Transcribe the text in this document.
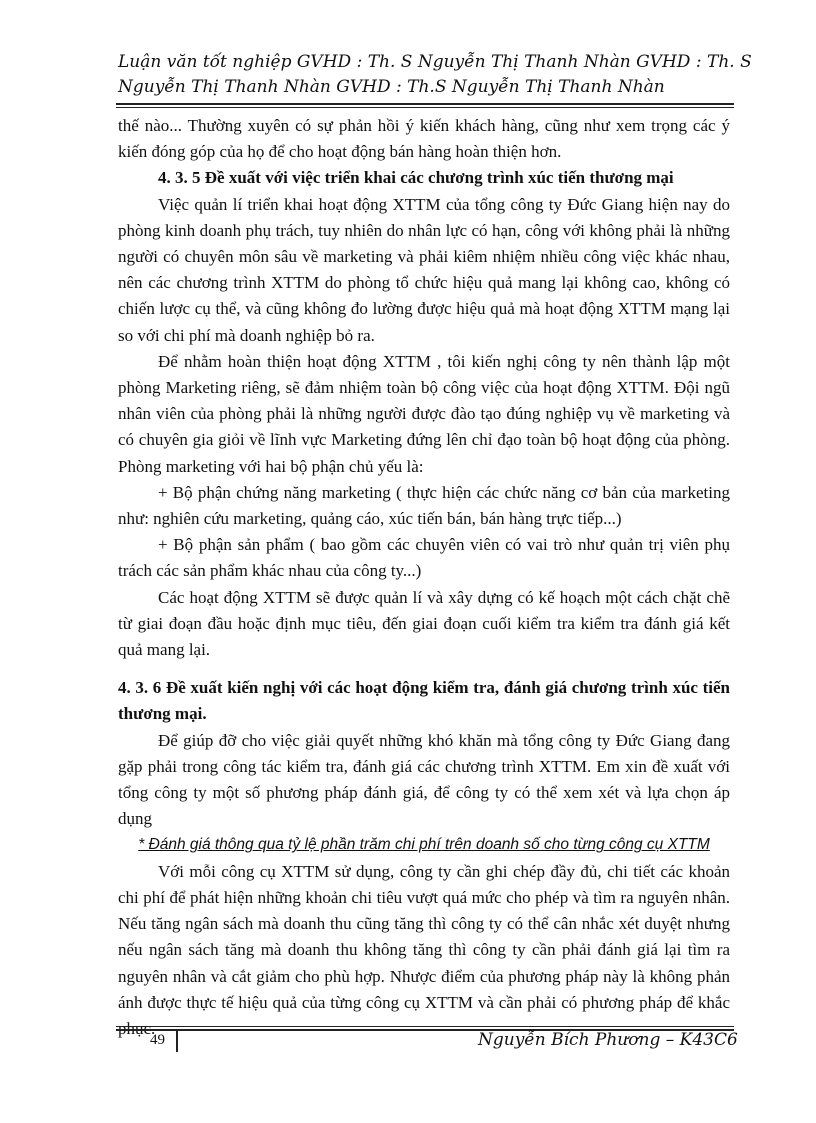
Luận văn tốt nghiệp GVHD : Th. S Nguyễn Thị Thanh Nhàn GVHD : Th. S
Nguyễn Thị Thanh Nhàn GVHD : Th.S Nguyễn Thị Thanh Nhàn

thế nào... Thường xuyên có sự phản hồi ý kiến khách hàng, cũng như xem trọng các ý kiến đóng góp của họ để cho hoạt động bán hàng hoàn thiện hơn.

4. 3. 5 Đề xuất với việc triển khai các chương trình xúc tiến thương mại

Việc quản lí triển khai hoạt động XTTM của tổng công ty Đức Giang hiện nay do phòng kinh doanh phụ trách, tuy nhiên do nhân lực có hạn, công với không phải là những người có chuyên môn sâu về marketing và phải kiêm nhiệm nhiều công việc khác nhau, nên các chương trình XTTM do phòng tổ chức hiệu quả mang lại không cao, không có chiến lược cụ thể, và cũng không đo lường được hiệu quả mà hoạt động XTTM mạng lại so với chi phí mà doanh nghiệp bỏ ra.

Để nhằm hoàn thiện hoạt động XTTM , tôi kiến nghị công ty nên thành lập một phòng Marketing riêng, sẽ đảm nhiệm toàn bộ công việc của hoạt động XTTM. Đội ngũ nhân viên của phòng phải là những người được đào tạo đúng nghiệp vụ về marketing và có chuyên gia giỏi về lĩnh vực Marketing đứng lên chỉ đạo toàn bộ hoạt động của phòng. Phòng marketing với hai bộ phận chủ yếu là:

+ Bộ phận chứng năng marketing ( thực hiện các chức năng cơ bản của marketing như: nghiên cứu marketing, quảng cáo, xúc tiến bán, bán hàng trực tiếp...)

+ Bộ phận sản phẩm ( bao gồm các chuyên viên có vai trò như quản trị viên phụ trách các sản phẩm khác nhau của công ty...)

Các hoạt động XTTM sẽ được quản lí và xây dựng có kế hoạch một cách chặt chẽ từ giai đoạn đầu hoặc định mục tiêu, đến giai đoạn cuối kiểm tra kiểm tra đánh giá kết quả mang lại.

4. 3. 6 Đề xuất kiến nghị với các hoạt động kiểm tra, đánh giá chương trình xúc tiến thương mại.

Để giúp đỡ cho việc giải quyết những khó khăn mà tổng công ty Đức Giang đang gặp phải trong công tác kiểm tra, đánh giá các chương trình XTTM. Em xin đề xuất với tổng công ty một số phương pháp đánh giá, để công ty có thể xem xét và lựa chọn áp dụng

* Đánh giá thông qua tỷ lệ phần trăm chi phí trên doanh số cho từng công cụ XTTM

Với mỗi công cụ XTTM sử dụng, công ty cần ghi chép đầy đủ, chi tiết các khoản chi phí để phát hiện những khoản chi tiêu vượt quá mức cho phép và tìm ra nguyên nhân. Nếu tăng ngân sách mà doanh thu cũng tăng thì công ty có thể cân nhắc xét duyệt nhưng nếu ngân sách tăng mà doanh thu không tăng thì công ty cần phải đánh giá lại tìm ra nguyên nhân và cắt giảm cho phù hợp. Nhược điểm của phương pháp này là không phản ánh được thực tế hiệu quả của từng công cụ XTTM và cần phải có phương pháp để khắc

49	Nguyễn Bích Phương – K43C6
